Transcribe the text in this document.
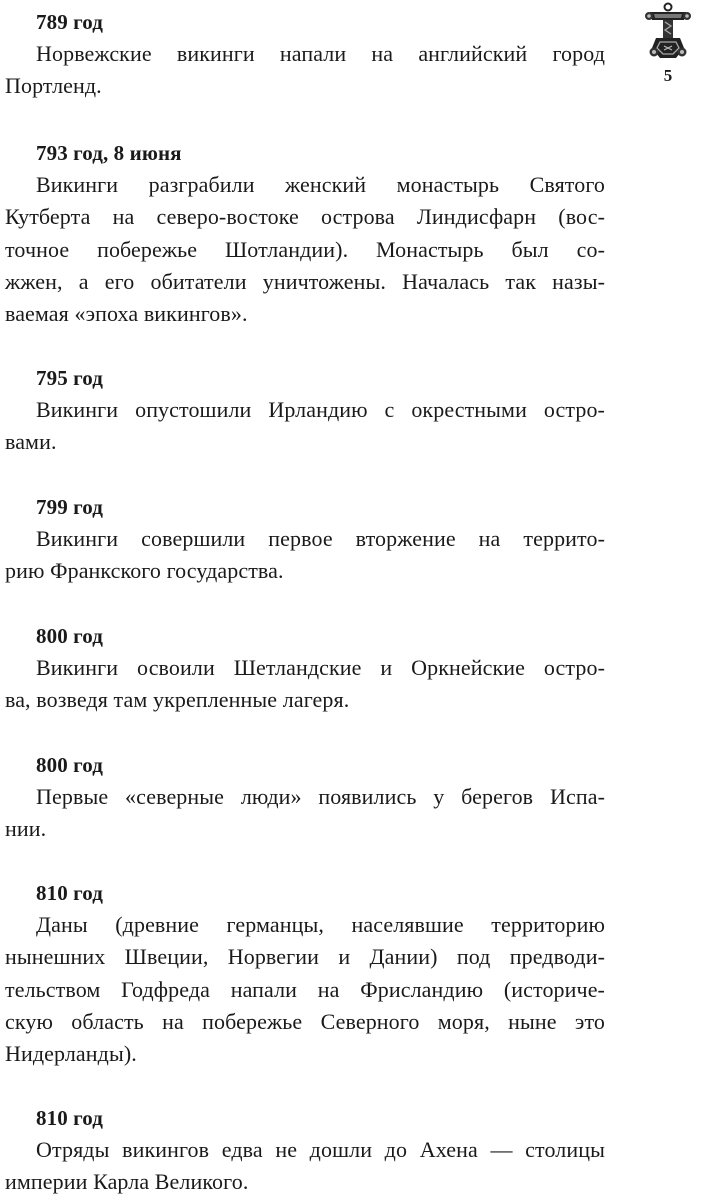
5

789 год

Норвежские викинги напали на английский город
Портленд.

793 год, 8 июня

Викинги разграбили женский монастырь Святого
Кутберта на северо-востоке острова Линдисфарн (вос-
точное побережье Шотландии). Монастырь был со-
жжен, а его обитатели уничтожены. Началась так назы-
ваемая «эпоха викингов».

795 год

Викинги опустошили Ирландию с окрестными остро-
вами.

799 год

Викинги совершили первое вторжение на террито-
рию Франкского государства.

800 год

Викинги освоили Шетландские и Оркнейские остро-
ва, возведя там укрепленные лагеря.

800 год

Первые «северные люди» появились у берегов Испа-
нии.

810 год

Даны (древние германцы, населявшие территорию
нынешних Швеции, Норвегии и Дании) под предводи-
тельством Годфреда напали на Фрисландию (историче-
скую область на побережье Северного моря, ныне это
Нидерланды).

810 год

Отряды викингов едва не дошли до Ахена — столицы
империи Карла Великого.
